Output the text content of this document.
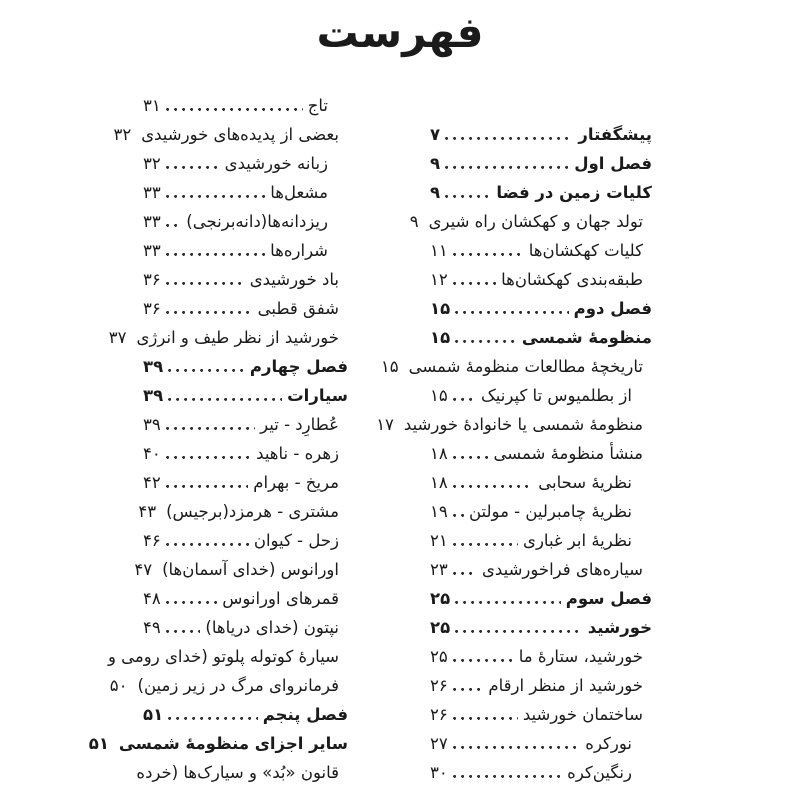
فهرست
پیشگفتار
۷
فصل اول
۹
کلیات زمین در فضا
۹
تولد جهان و کهکشان راه شیری
۹
کلیات کهکشان‌ها
۱۱
طبقه‌بندی کهکشان‌ها
۱۲
فصل دوم
۱۵
منظومهٔ شمسی
۱۵
تاریخچهٔ مطالعات منظومهٔ شمسی
۱۵
از بطلمیوس تا کپرنیک
۱۵
منظومهٔ شمسی یا خانوادهٔ خورشید
۱۷
منشأ منظومهٔ شمسی
۱۸
نظریهٔ سحابی
۱۸
نظریهٔ چامبرلین - مولتن
۱۹
نظریهٔ ابر غباری
۲۱
سیاره‌های فراخورشیدی
۲۳
فصل سوم
۲۵
خورشید
۲۵
خورشید، ستارهٔ ما
۲۵
خورشید از منظر ارقام
۲۶
ساختمان خورشید
۲۶
نورکره
۲۷
رنگین‌کره
۳۰
تاج
۳۱
بعضی از پدیده‌های خورشیدی
۳۲
زبانه خورشیدی
۳۲
مشعل‌ها
۳۳
ریزدانه‌ها(دانه‌برنجی)
۳۳
شراره‌ها
۳۳
باد خورشیدی
۳۶
شفق قطبی
۳۶
خورشید از نظر طیف و انرژی
۳۷
فصل چهارم
۳۹
سیارات
۳۹
عُطارِد - تیر
۳۹
زهره - ناهید
۴۰
مریخ - بهرام
۴۲
مشتری - هرمزد(برجیس)
۴۳
زحل - کیوان
۴۶
اورانوس (خدای آسمان‌ها)
۴۷
قمرهای اورانوس
۴۸
نپتون (خدای دریاها)
۴۹
سیارهٔ کوتوله پلوتو (خدای رومی و
فرمانروای مرگ در زیر زمین)
۵۰
فصل پنجم
۵۱
سایر اجزای منظومهٔ شمسی
۵۱
قانون «بُد» و سیارک‌ها (خرده
